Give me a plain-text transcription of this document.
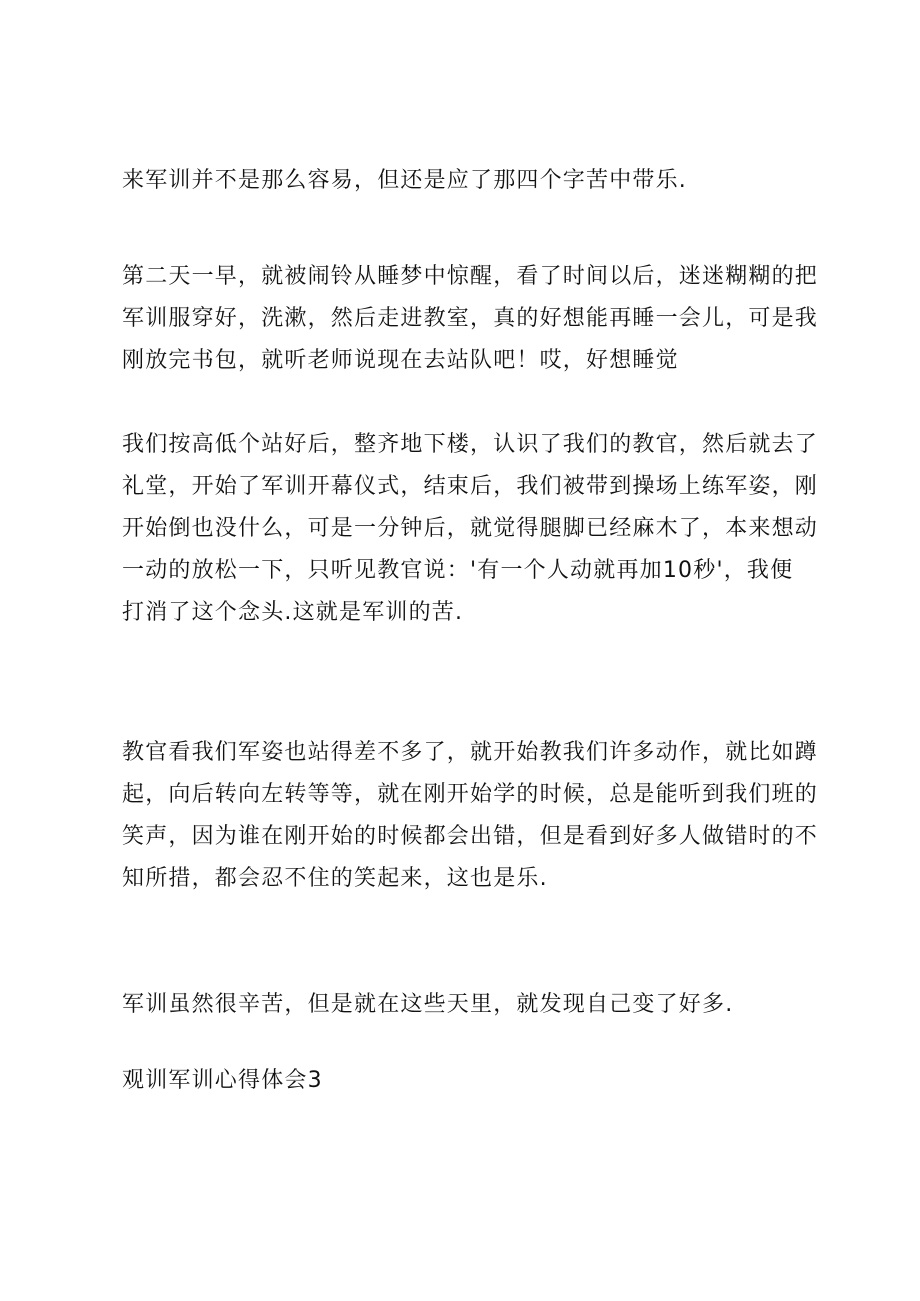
来军训并不是那么容易，但还是应了那四个字苦中带乐.

第二天一早，就被闹铃从睡梦中惊醒，看了时间以后，迷迷糊糊的把
军训服穿好，洗漱，然后走进教室，真的好想能再睡一会儿，可是我
刚放完书包，就听老师说现在去站队吧！哎，好想睡觉

我们按高低个站好后，整齐地下楼，认识了我们的教官，然后就去了
礼堂，开始了军训开幕仪式，结束后，我们被带到操场上练军姿，刚
开始倒也没什么，可是一分钟后，就觉得腿脚已经麻木了，本来想动
一动的放松一下，只听见教官说：'有一个人动就再加10秒'，我便
打消了这个念头.这就是军训的苦.

教官看我们军姿也站得差不多了，就开始教我们许多动作，就比如蹲
起，向后转向左转等等，就在刚开始学的时候，总是能听到我们班的
笑声，因为谁在刚开始的时候都会出错，但是看到好多人做错时的不
知所措，都会忍不住的笑起来，这也是乐.

军训虽然很辛苦，但是就在这些天里，就发现自己变了好多.

观训军训心得体会3
